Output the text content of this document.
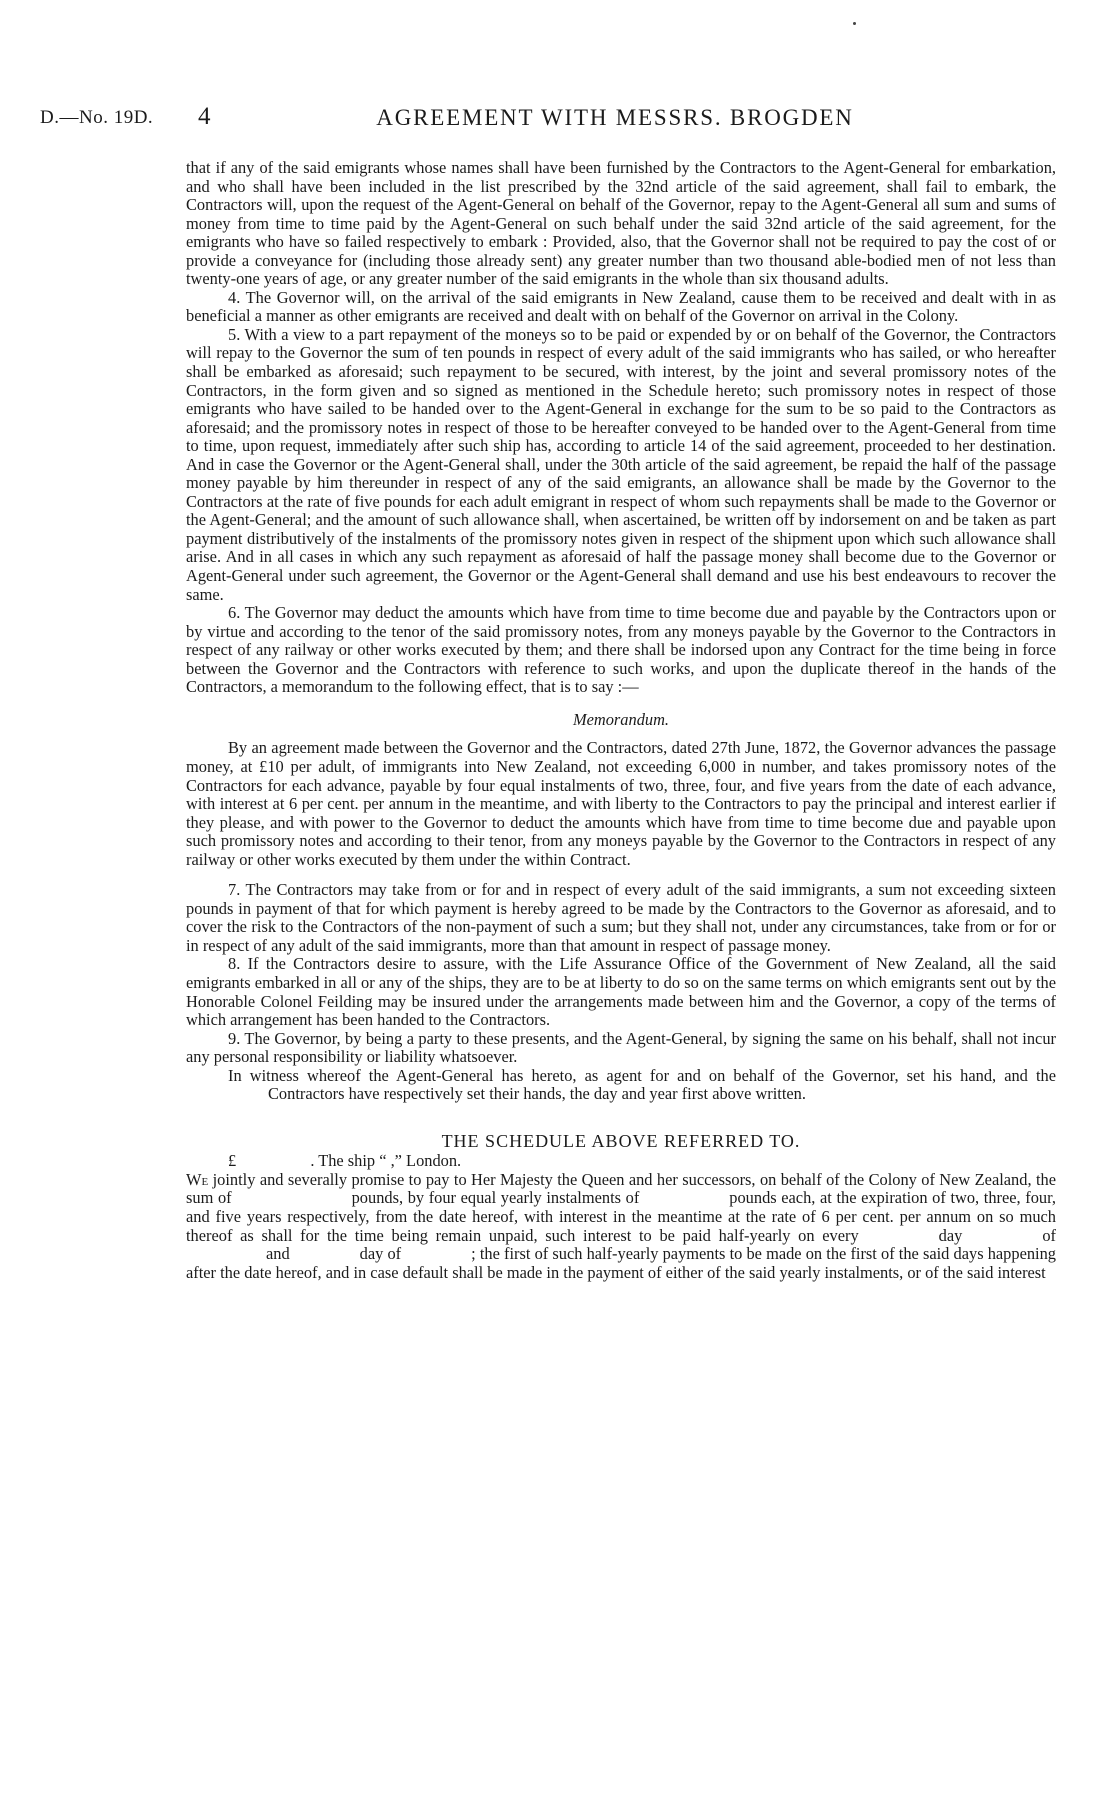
D.—No. 19D. 4	AGREEMENT WITH MESSRS. BROGDEN

that if any of the said emigrants whose names shall have been furnished by the Contractors to the Agent-General for embarkation, and who shall have been included in the list prescribed by the 32nd article of the said agreement, shall fail to embark, the Contractors will, upon the request of the Agent-General on behalf of the Governor, repay to the Agent-General all sum and sums of money from time to time paid by the Agent-General on such behalf under the said 32nd article of the said agreement, for the emigrants who have so failed respectively to embark : Provided, also, that the Governor shall not be required to pay the cost of or provide a conveyance for (including those already sent) any greater number than two thousand able-bodied men of not less than twenty-one years of age, or any greater number of the said emigrants in the whole than six thousand adults.

4. The Governor will, on the arrival of the said emigrants in New Zealand, cause them to be received and dealt with in as beneficial a manner as other emigrants are received and dealt with on behalf of the Governor on arrival in the Colony.

5. With a view to a part repayment of the moneys so to be paid or expended by or on behalf of the Governor, the Contractors will repay to the Governor the sum of ten pounds in respect of every adult of the said immigrants who has sailed, or who hereafter shall be embarked as aforesaid; such repayment to be secured, with interest, by the joint and several promissory notes of the Contractors, in the form given and so signed as mentioned in the Schedule hereto; such promissory notes in respect of those emigrants who have sailed to be handed over to the Agent-General in exchange for the sum to be so paid to the Contractors as aforesaid; and the promissory notes in respect of those to be hereafter conveyed to be handed over to the Agent-General from time to time, upon request, immediately after such ship has, according to article 14 of the said agreement, proceeded to her destination. And in case the Governor or the Agent-General shall, under the 30th article of the said agreement, be repaid the half of the passage money payable by him thereunder in respect of any of the said emigrants, an allowance shall be made by the Governor to the Contractors at the rate of five pounds for each adult emigrant in respect of whom such repayments shall be made to the Governor or the Agent-General; and the amount of such allowance shall, when ascertained, be written off by indorsement on and be taken as part payment distributively of the instalments of the promissory notes given in respect of the shipment upon which such allowance shall arise. And in all cases in which any such repayment as aforesaid of half the passage money shall become due to the Governor or Agent-General under such agreement, the Governor or the Agent-General shall demand and use his best endeavours to recover the same.

6. The Governor may deduct the amounts which have from time to time become due and payable by the Contractors upon or by virtue and according to the tenor of the said promissory notes, from any moneys payable by the Governor to the Contractors in respect of any railway or other works executed by them; and there shall be indorsed upon any Contract for the time being in force between the Governor and the Contractors with reference to such works, and upon the duplicate thereof in the hands of the Contractors, a memorandum to the following effect, that is to say :—

Memorandum.

By an agreement made between the Governor and the Contractors, dated 27th June, 1872, the Governor advances the passage money, at £10 per adult, of immigrants into New Zealand, not exceeding 6,000 in number, and takes promissory notes of the Contractors for each advance, payable by four equal instalments of two, three, four, and five years from the date of each advance, with interest at 6 per cent. per annum in the meantime, and with liberty to the Contractors to pay the principal and interest earlier if they please, and with power to the Governor to deduct the amounts which have from time to time become due and payable upon such promissory notes and according to their tenor, from any moneys payable by the Governor to the Contractors in respect of any railway or other works executed by them under the within Contract.

7. The Contractors may take from or for and in respect of every adult of the said immigrants, a sum not exceeding sixteen pounds in payment of that for which payment is hereby agreed to be made by the Contractors to the Governor as aforesaid, and to cover the risk to the Contractors of the non-payment of such a sum; but they shall not, under any circumstances, take from or for or in respect of any adult of the said immigrants, more than that amount in respect of passage money.

8. If the Contractors desire to assure, with the Life Assurance Office of the Government of New Zealand, all the said emigrants embarked in all or any of the ships, they are to be at liberty to do so on the same terms on which emigrants sent out by the Honorable Colonel Feilding may be insured under the arrangements made between him and the Governor, a copy of the terms of which arrangement has been handed to the Contractors.

9. The Governor, by being a party to these presents, and the Agent-General, by signing the same on his behalf, shall not incur any personal responsibility or liability whatsoever.

In witness whereof the Agent-General has hereto, as agent for and on behalf of the Governor, set his hand, and the Contractors have respectively set their hands, the day and year first above written.

THE SCHEDULE ABOVE REFERRED TO.

£	. The ship “ ,” London.

We jointly and severally promise to pay to Her Majesty the Queen and her successors, on behalf of the Colony of New Zealand, the sum of	pounds, by four equal yearly instalments of	pounds each, at the expiration of two, three, four, and five years respectively, from the date hereof, with interest in the meantime at the rate of 6 per cent. per annum on so much thereof as shall for the time being remain unpaid, such interest to be paid half-yearly on every	day	ofand	day of	; the first of such half-yearly payments to be made on the first of the said days happening after the date hereof, and in case default shall be made in the payment of either of the said yearly instalments, or of the said interest
